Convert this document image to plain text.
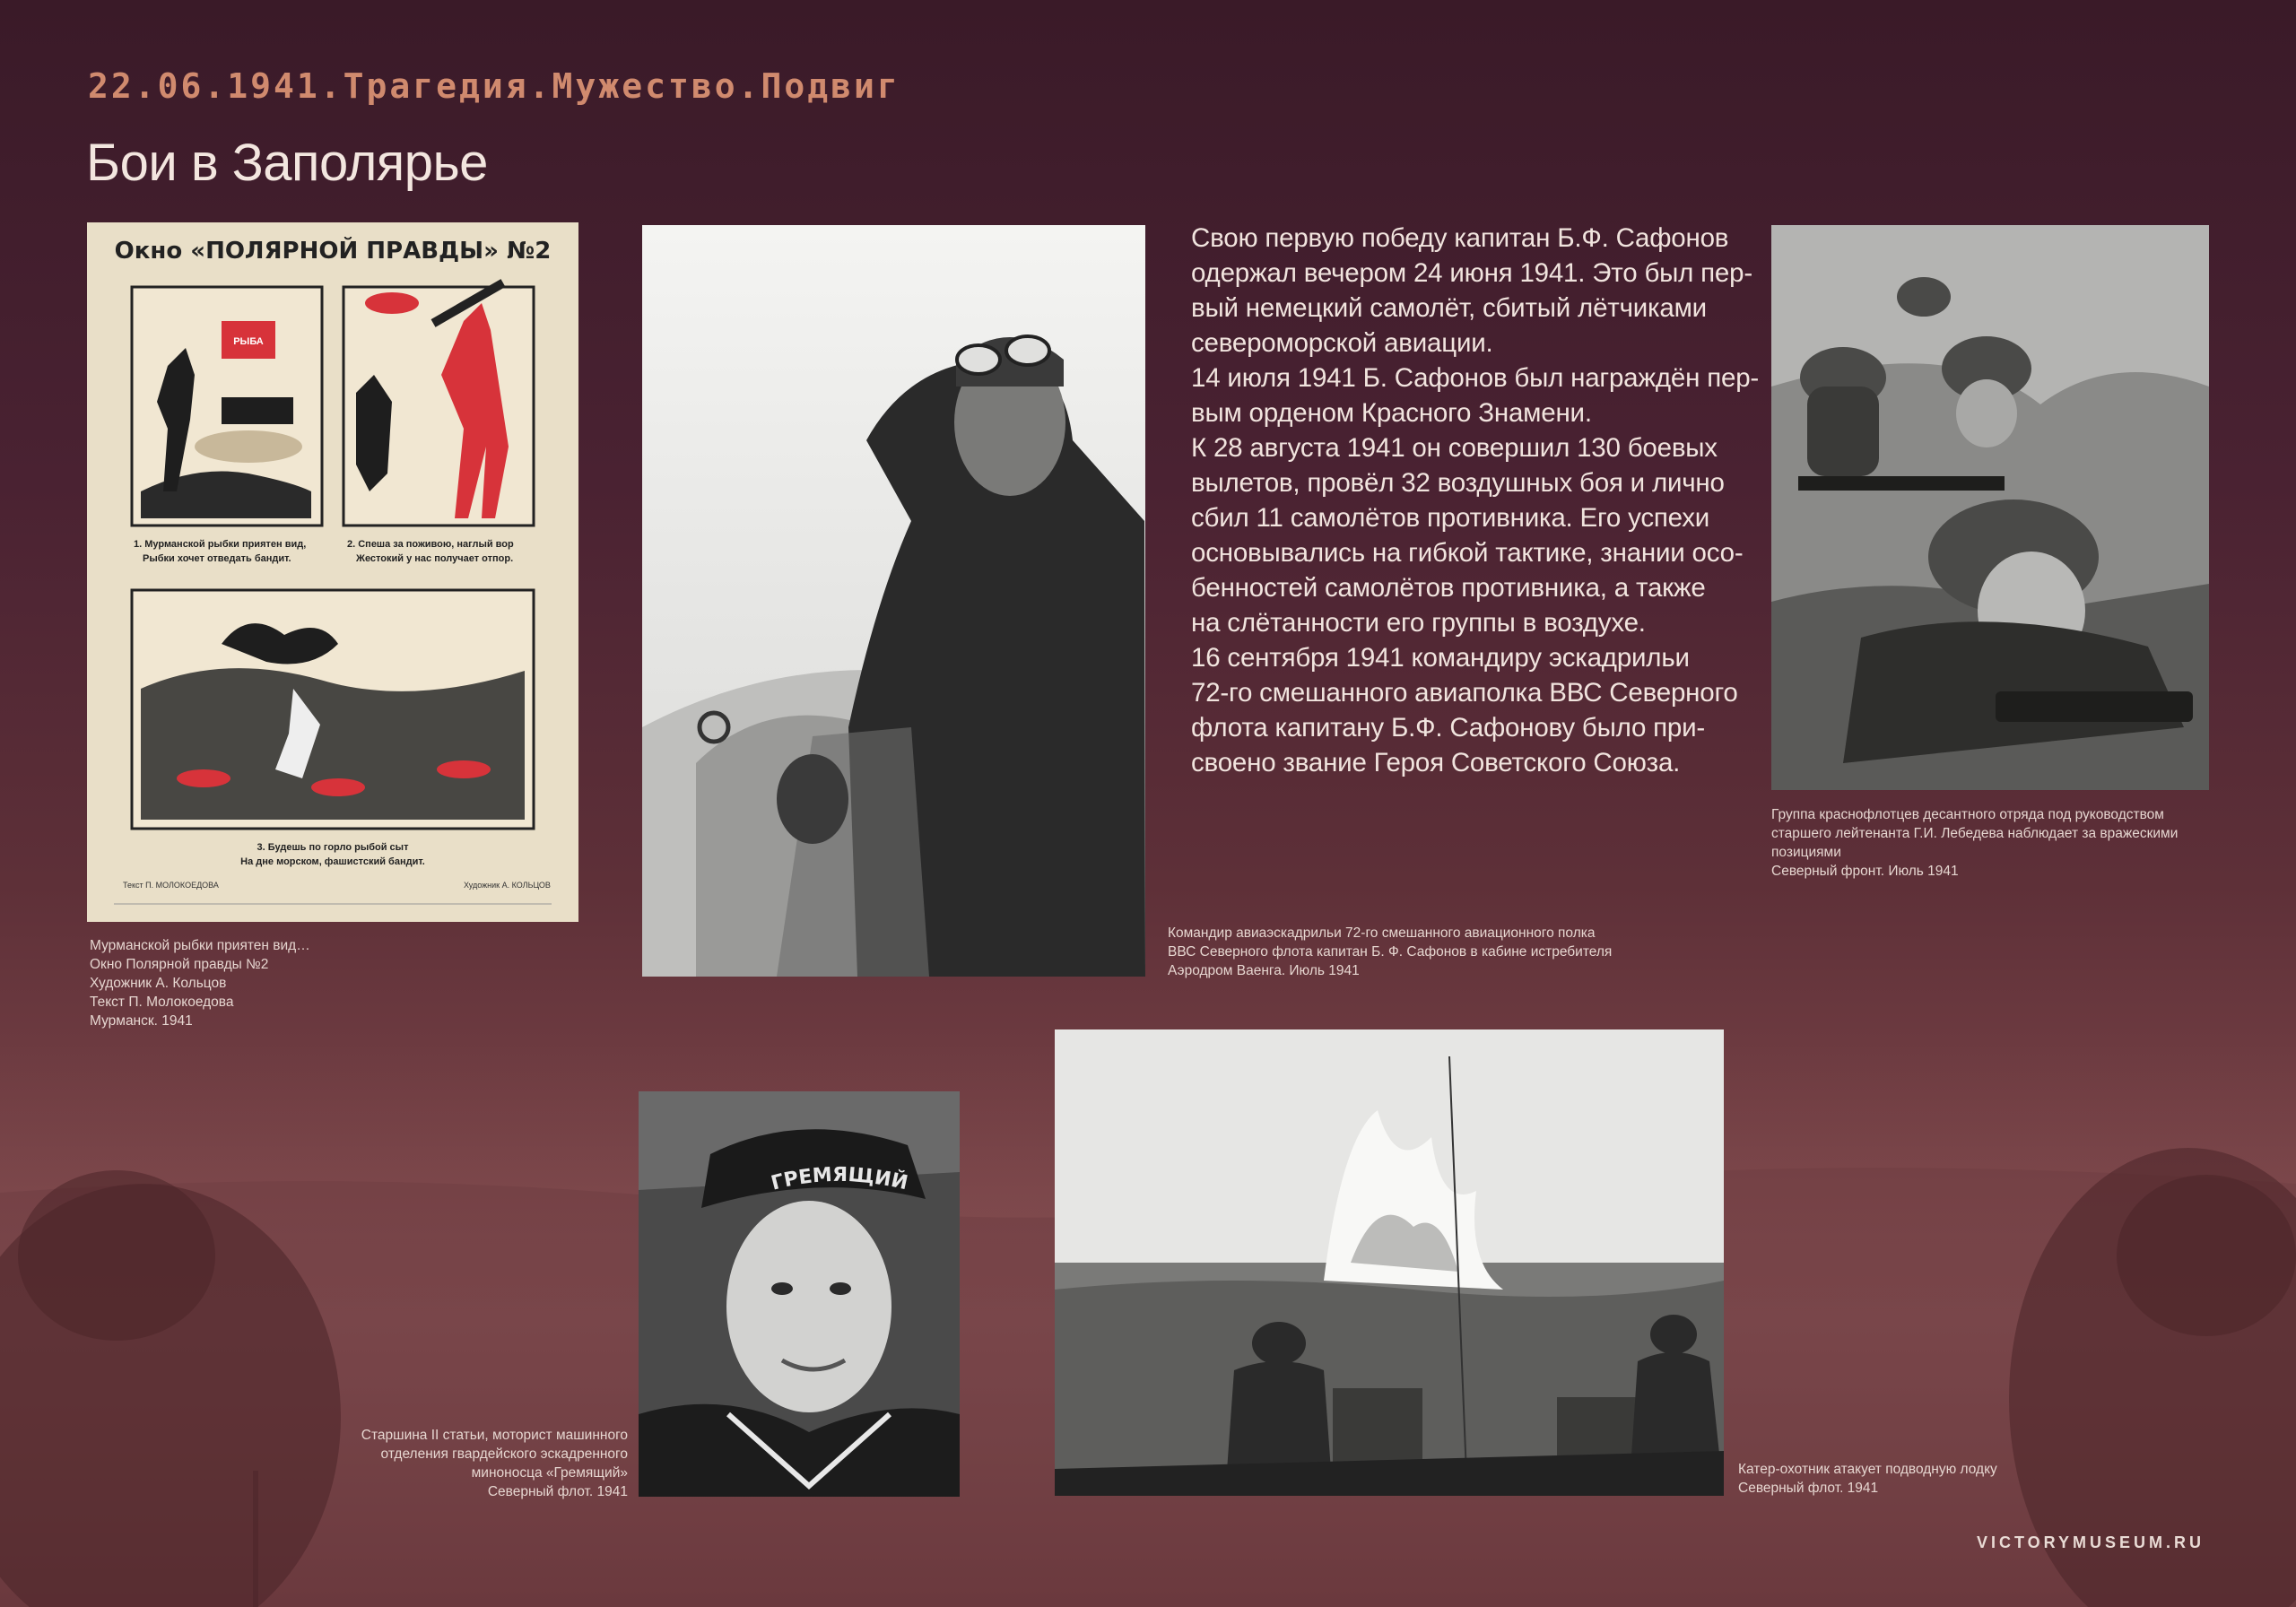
22.06.1941.Трагедия.Мужество.Подвиг
Бои в Заполярье
Окно «ПОЛЯРНОЙ ПРАВДЫ» №2
РЫБА
1. Мурманской рыбки приятен вид,
Рыбки хочет отведать бандит.
2. Спеша за поживою, наглый вор
Жестокий у нас получает отпор.
3. Будешь по горло рыбой сыт
На дне морском, фашистский бандит.
Текст П. МОЛОКОЕДОВА	Художник А. КОЛЬЦОВ
Мурманской рыбки приятен вид…
Окно Полярной правды №2
Художник А. Кольцов
Текст П. Молокоедова
Мурманск. 1941
Командир авиаэскадрильи 72-го смешанного авиационного полка
ВВС Северного флота капитан Б. Ф. Сафонов в кабине истребителя
Аэродром Ваенга. Июль 1941
Свою первую победу капитан Б.Ф. Сафонов
одержал вечером 24 июня 1941. Это был пер-
вый немецкий самолёт, сбитый лётчиками
североморской авиации.
14 июля 1941 Б. Сафонов был награждён пер-
вым орденом Красного Знамени.
К 28 августа 1941 он совершил 130 боевых
вылетов, провёл 32 воздушных боя и лично
сбил 11 самолётов противника. Его успехи
основывались на гибкой тактике, знании осо-
бенностей самолётов противника, а также
на слётанности его группы в воздухе.
16 сентября 1941 командиру эскадрильи
72-го смешанного авиаполка ВВС Северного
флота капитану Б.Ф. Сафонову было при-
своено звание Героя Советского Союза.
Группа краснофлотцев десантного отряда под руководством
старшего лейтенанта Г.И. Лебедева наблюдает за вражескими
позициями
Северный фронт. Июль 1941
ГРЕМЯЩИЙ
Старшина II статьи, моторист машинного
отделения гвардейского эскадренного
миноносца «Гремящий»
Северный флот. 1941
Катер-охотник атакует подводную лодку
Северный флот. 1941
VICTORYMUSEUM.RU
